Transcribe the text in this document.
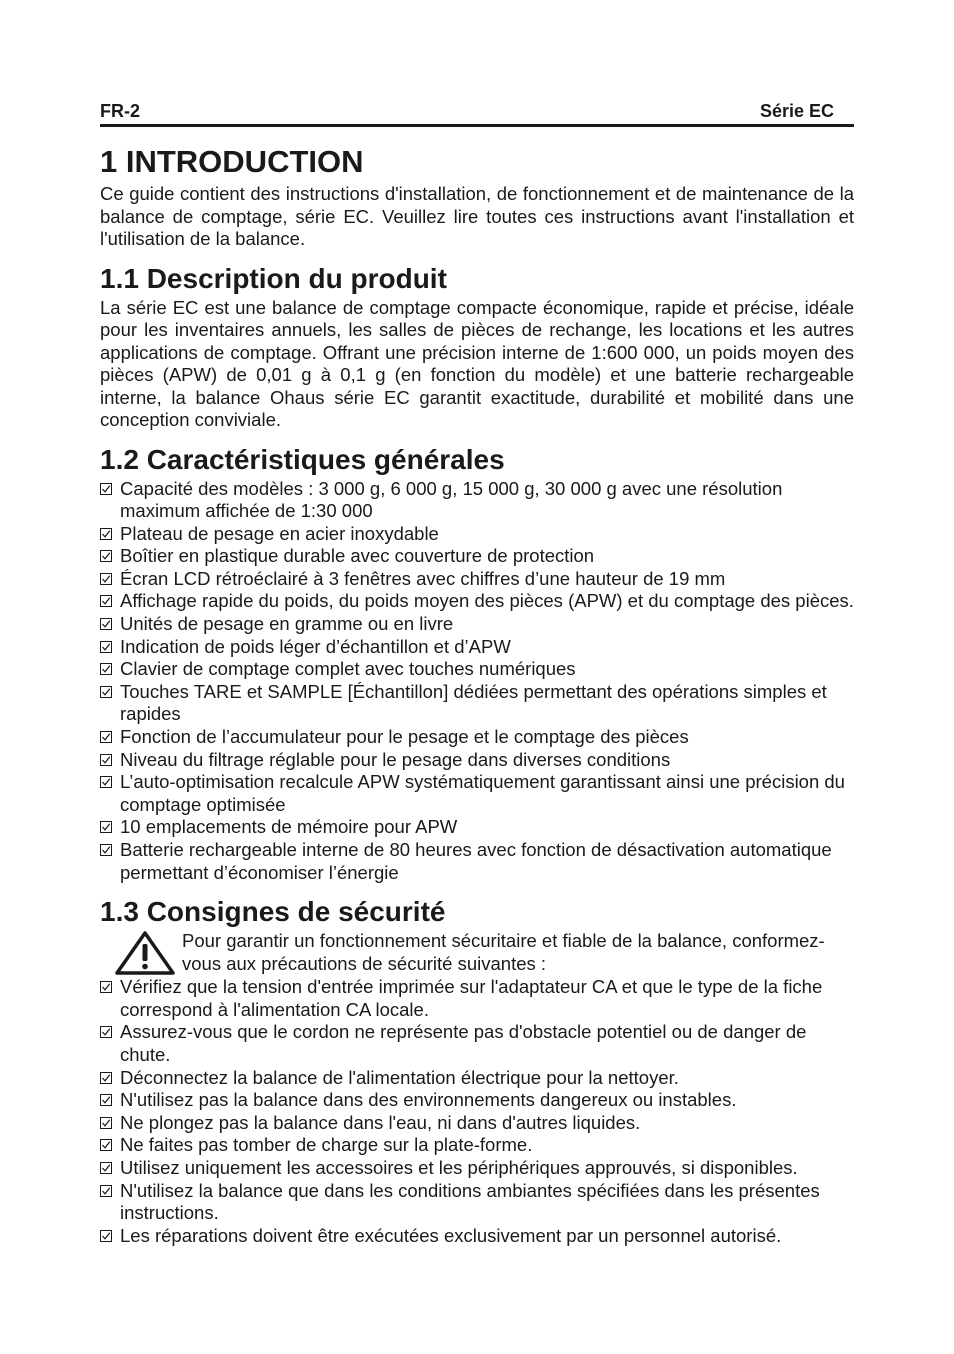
FR-2	Série EC
1 INTRODUCTION

Ce guide contient des instructions d'installation, de fonctionnement et de maintenance de la balance de comptage, série EC. Veuillez lire toutes ces instructions avant l'installation et l'utilisation de la balance.

1.1 Description du produit

La série EC est une balance de comptage compacte économique, rapide et précise, idéale pour les inventaires annuels, les salles de pièces de rechange, les locations et les autres applications de comptage. Offrant une précision interne de 1:600 000, un poids moyen des pièces (APW) de 0,01 g à 0,1 g (en fonction du modèle) et une batterie rechargeable interne, la balance Ohaus série EC garantit exactitude, durabilité et mobilité dans une conception conviviale.

1.2 Caractéristiques générales
Capacité des modèles : 3 000 g, 6 000 g, 15 000 g, 30 000 g avec une résolution maximum affichée de 1:30 000
Plateau de pesage en acier inoxydable
Boîtier en plastique durable avec couverture de protection
Écran LCD rétroéclairé à 3 fenêtres avec chiffres d’une hauteur de 19 mm
Affichage rapide du poids, du poids moyen des pièces (APW) et du comptage des pièces.
Unités de pesage en gramme ou en livre
Indication de poids léger d’échantillon et d’APW
Clavier de comptage complet avec touches numériques
Touches TARE et SAMPLE [Échantillon] dédiées permettant des opérations simples et rapides
Fonction de l’accumulateur pour le pesage et le comptage des pièces
Niveau du filtrage réglable pour le pesage dans diverses conditions
L’auto-optimisation recalcule APW systématiquement garantissant ainsi une précision du comptage optimisée
10 emplacements de mémoire pour APW
Batterie rechargeable interne de 80 heures avec fonction de désactivation automatique permettant d’économiser l’énergie
1.3 Consignes de sécurité

Pour garantir un fonctionnement sécuritaire et fiable de la balance, conformez-vous aux précautions de sécurité suivantes :

Vérifiez que la tension d'entrée imprimée sur l'adaptateur CA et que le type de la fiche correspond à l'alimentation CA locale.
Assurez-vous que le cordon ne représente pas d'obstacle potentiel ou de danger de chute.
Déconnectez la balance de l'alimentation électrique pour la nettoyer.
N'utilisez pas la balance dans des environnements dangereux ou instables.
Ne plongez pas la balance dans l'eau, ni dans d'autres liquides.
Ne faites pas tomber de charge sur la plate-forme.
Utilisez uniquement les accessoires et les périphériques approuvés, si disponibles.
N'utilisez la balance que dans les conditions ambiantes spécifiées dans les présentes instructions.
Les réparations doivent être exécutées exclusivement par un personnel autorisé.
